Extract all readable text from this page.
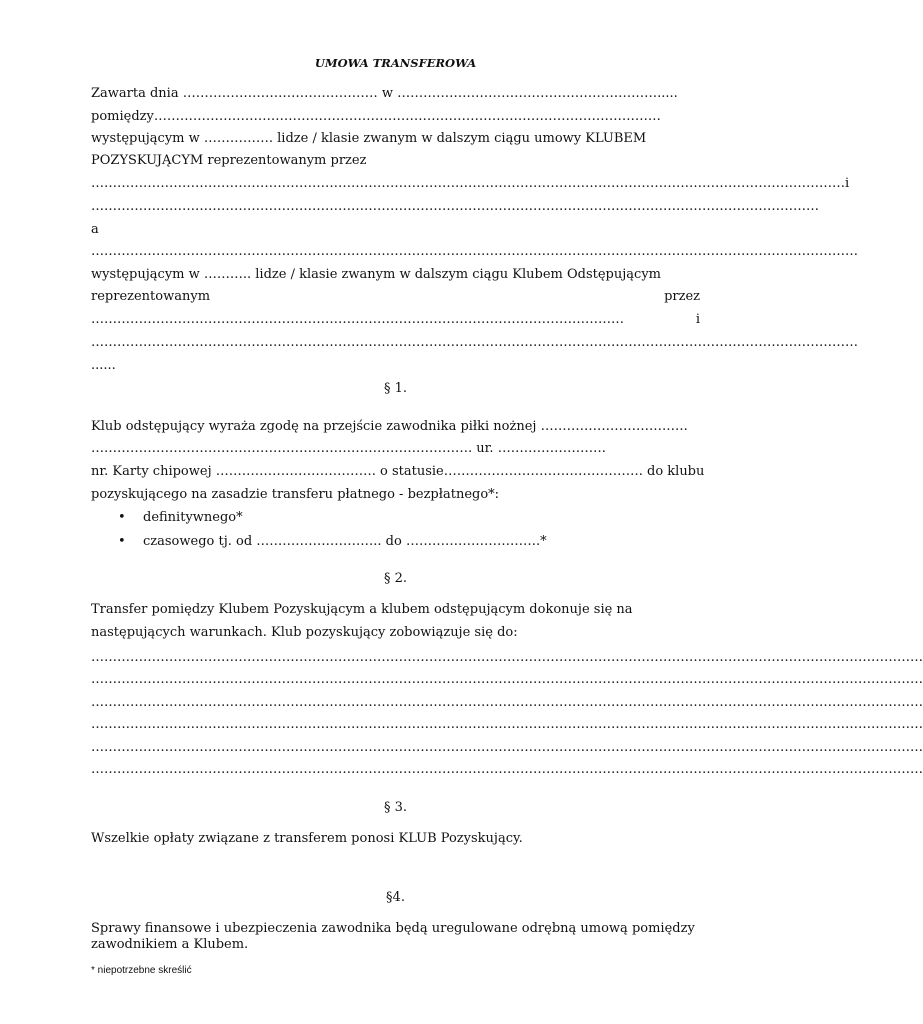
UMOWA TRANSFEROWA
Zawarta dnia ……………………………………… w …………………………………………………….....
pomiędzy………………………………………………………………………………………………………
występującym w ……………. lidze / klasie zwanym w dalszym ciągu umowy KLUBEM
POZYSKUJĄCYM reprezentowanym przez
………………………………………………………………………………………………………………………………………………………… i
……………………………………………………………………………………………………………………………………………………
a
……………………………………………………………………………………………………………………………………………………………
występującym w ……….. lidze / klasie zwanym w dalszym ciągu Klubem Odstępującym
reprezentowanym	przez
……………………………………………………………………………………………………………	i
……………………………………………………………………………………………………………………………………………………………
......
§ 1.
Klub odstępujący wyraża zgodę na przejście zawodnika piłki nożnej …………………………….
……………………………………………………………………………. ur. …………………….
nr. Karty chipowej ………………………………. o statusie………………………………………. do klubu
pozyskującego na zasadzie transferu płatnego - bezpłatnego*:
• definitywnego*
• czasowego tj. od ……………………….. do ………………………….*
§ 2.
Transfer pomiędzy Klubem Pozyskującym a klubem odstępującym dokonuje się na
następujących warunkach. Klub pozyskujący zobowiązuje się do:
…………………………………………………………………………………………………………………………………………………………………………
…………………………………………………………………………………………………………………………………………………………………………
…………………………………………………………………………………………………………………………………………………………………………
…………………………………………………………………………………………………………………………………………………………………………
…………………………………………………………………………………………………………………………………………………………………………
…………………………………………………………………………………………………………………………………………………………………………
§ 3.
Wszelkie opłaty związane z transferem ponosi KLUB Pozyskujący.
§4.
Sprawy finansowe i ubezpieczenia zawodnika będą uregulowane odrębną umową pomiędzy
zawodnikiem a Klubem.
* niepotrzebne skreślić
